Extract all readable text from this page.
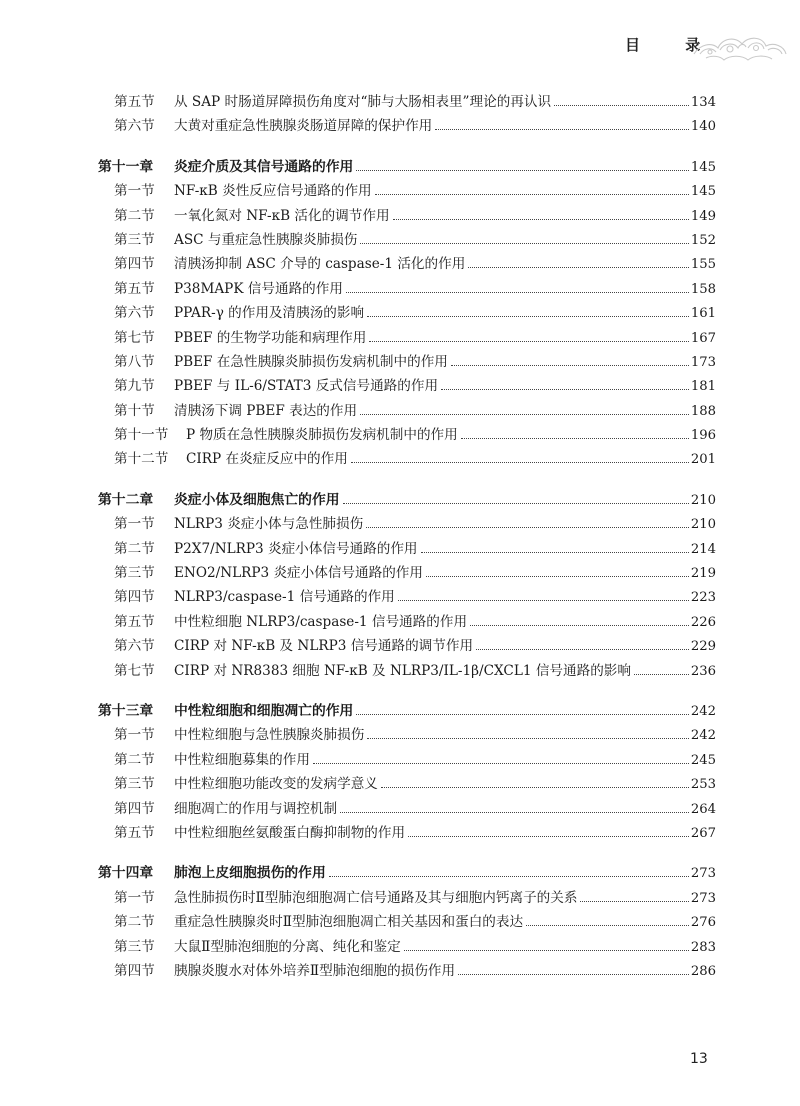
目 录
第五节	从 SAP 时肠道屏障损伤角度对“肺与大肠相表里”理论的再认识	134
第六节	大黄对重症急性胰腺炎肠道屏障的保护作用	140
第十一章	炎症介质及其信号通路的作用	145
第一节	NF-κB 炎性反应信号通路的作用	145
第二节	一氧化氮对 NF-κB 活化的调节作用	149
第三节	ASC 与重症急性胰腺炎肺损伤	152
第四节	清胰汤抑制 ASC 介导的 caspase-1 活化的作用	155
第五节	P38MAPK 信号通路的作用	158
第六节	PPAR-γ 的作用及清胰汤的影响	161
第七节	PBEF 的生物学功能和病理作用	167
第八节	PBEF 在急性胰腺炎肺损伤发病机制中的作用	173
第九节	PBEF 与 IL-6/STAT3 反式信号通路的作用	181
第十节	清胰汤下调 PBEF 表达的作用	188
第十一节	P 物质在急性胰腺炎肺损伤发病机制中的作用	196
第十二节	CIRP 在炎症反应中的作用	201
第十二章	炎症小体及细胞焦亡的作用	210
第一节	NLRP3 炎症小体与急性肺损伤	210
第二节	P2X7/NLRP3 炎症小体信号通路的作用	214
第三节	ENO2/NLRP3 炎症小体信号通路的作用	219
第四节	NLRP3/caspase-1 信号通路的作用	223
第五节	中性粒细胞 NLRP3/caspase-1 信号通路的作用	226
第六节	CIRP 对 NF-κB 及 NLRP3 信号通路的调节作用	229
第七节	CIRP 对 NR8383 细胞 NF-κB 及 NLRP3/IL-1β/CXCL1 信号通路的影响	236
第十三章	中性粒细胞和细胞凋亡的作用	242
第一节	中性粒细胞与急性胰腺炎肺损伤	242
第二节	中性粒细胞募集的作用	245
第三节	中性粒细胞功能改变的发病学意义	253
第四节	细胞凋亡的作用与调控机制	264
第五节	中性粒细胞丝氨酸蛋白酶抑制物的作用	267
第十四章	肺泡上皮细胞损伤的作用	273
第一节	急性肺损伤时Ⅱ型肺泡细胞凋亡信号通路及其与细胞内钙离子的关系	273
第二节	重症急性胰腺炎时Ⅱ型肺泡细胞凋亡相关基因和蛋白的表达	276
第三节	大鼠Ⅱ型肺泡细胞的分离、纯化和鉴定	283
第四节	胰腺炎腹水对体外培养Ⅱ型肺泡细胞的损伤作用	286
13
